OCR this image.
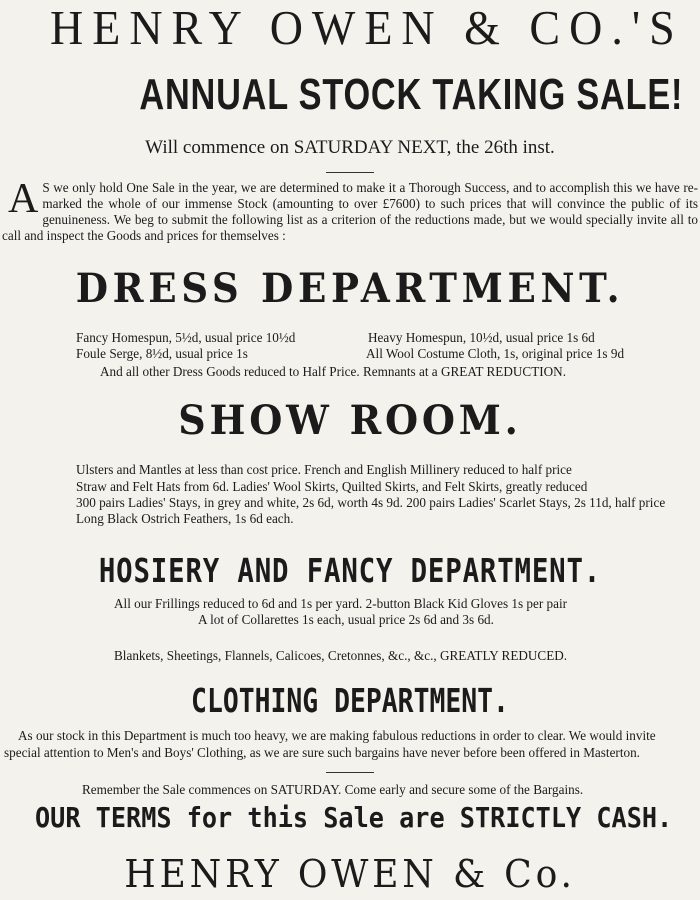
HENRY OWEN & CO.'S
ANNUAL STOCK TAKING SALE!
Will commence on SATURDAY NEXT, the 26th inst.
A S we only hold One Sale in the year, we are determined to make it a Thorough Success, and to accomplish this we have re-marked the whole of our immense Stock (amounting to over £7600) to such prices that will convince the public of its genuineness. We beg to submit the following list as a criterion of the reductions made, but we would specially invite all to call and inspect the Goods and prices for themselves :
DRESS DEPARTMENT.
Fancy Homespun, 5½d, usual price 10½d	Heavy Homespun, 10½d, usual price 1s 6d
Foule Serge, 8½d, usual price 1s	All Wool Costume Cloth, 1s, original price 1s 9d
And all other Dress Goods reduced to Half Price. Remnants at a GREAT REDUCTION.
SHOW ROOM.
Ulsters and Mantles at less than cost price. French and English Millinery reduced to half price
Straw and Felt Hats from 6d. Ladies' Wool Skirts, Quilted Skirts, and Felt Skirts, greatly reduced
300 pairs Ladies' Stays, in grey and white, 2s 6d, worth 4s 9d. 200 pairs Ladies' Scarlet Stays, 2s 11d, half price
Long Black Ostrich Feathers, 1s 6d each.
HOSIERY AND FANCY DEPARTMENT.
All our Frillings reduced to 6d and 1s per yard. 2-button Black Kid Gloves 1s per pair
A lot of Collarettes 1s each, usual price 2s 6d and 3s 6d.
Blankets, Sheetings, Flannels, Calicoes, Cretonnes, &c., &c., GREATLY REDUCED.
CLOTHING DEPARTMENT.
As our stock in this Department is much too heavy, we are making fabulous reductions in order to clear. We would invite
special attention to Men's and Boys' Clothing, as we are sure such bargains have never before been offered in Masterton.
Remember the Sale commences on SATURDAY. Come early and secure some of the Bargains.
OUR TERMS for this Sale are STRICTLY CASH.
HENRY OWEN & Co.
